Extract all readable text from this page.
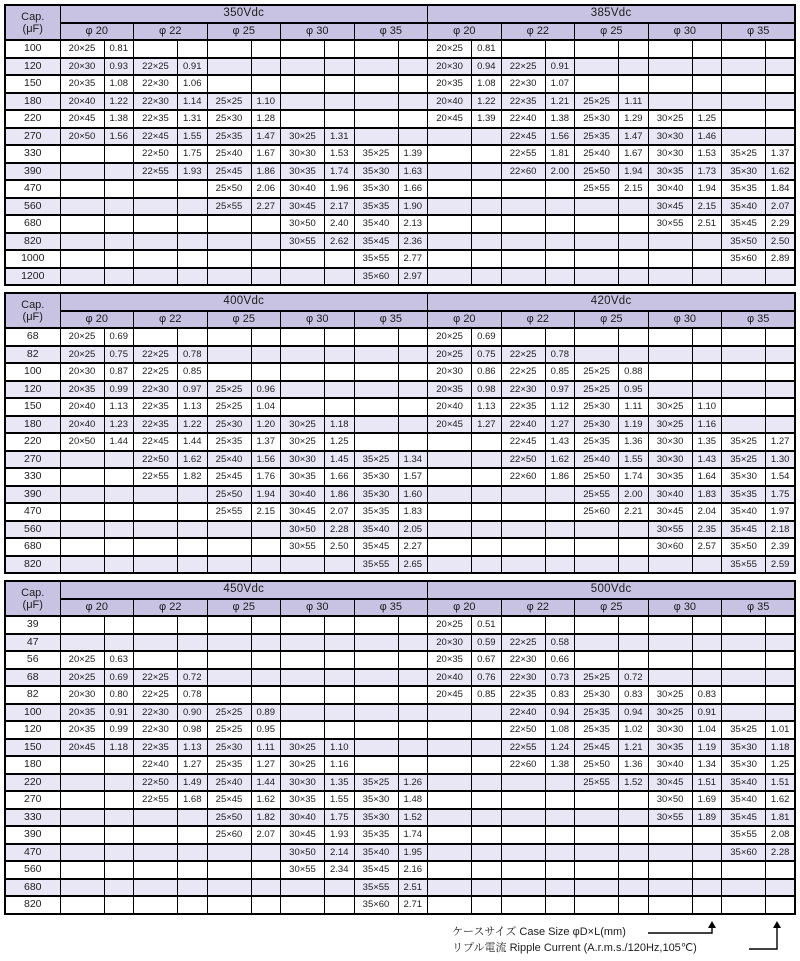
Cap.
(μF)	350Vdc										385Vdc									
	φ 20		φ 22		φ 25		φ 30		φ 35		φ 20		φ 22		φ 25		φ 30		φ 35	
100	20×25	0.81									20×25	0.81								
120	20×30	0.93	22×25	0.91							20×30	0.94	22×25	0.91						
150	20×35	1.08	22×30	1.06							20×35	1.08	22×30	1.07						
180	20×40	1.22	22×30	1.14	25×25	1.10					20×40	1.22	22×35	1.21	25×25	1.11				
220	20×45	1.38	22×35	1.31	25×30	1.28					20×45	1.39	22×40	1.38	25×30	1.29	30×25	1.25		
270	20×50	1.56	22×45	1.55	25×35	1.47	30×25	1.31					22×45	1.56	25×35	1.47	30×30	1.46		
330			22×50	1.75	25×40	1.67	30×30	1.53	35×25	1.39			22×55	1.81	25×40	1.67	30×30	1.53	35×25	1.37
390			22×55	1.93	25×45	1.86	30×35	1.74	35×30	1.63			22×60	2.00	25×50	1.94	30×35	1.73	35×30	1.62
470					25×50	2.06	30×40	1.96	35×30	1.66					25×55	2.15	30×40	1.94	35×35	1.84
560					25×55	2.27	30×45	2.17	35×35	1.90							30×45	2.15	35×40	2.07
680							30×50	2.40	35×40	2.13							30×55	2.51	35×45	2.29
820							30×55	2.62	35×45	2.36									35×50	2.50
1000									35×55	2.77									35×60	2.89
1200									35×60	2.97										
Cap.
(μF)	400Vdc										420Vdc									
	φ 20		φ 22		φ 25		φ 30		φ 35		φ 20		φ 22		φ 25		φ 30		φ 35	
68	20×25	0.69									20×25	0.69								
82	20×25	0.75	22×25	0.78							20×25	0.75	22×25	0.78						
100	20×30	0.87	22×25	0.85							20×30	0.86	22×25	0.85	25×25	0.88				
120	20×35	0.99	22×30	0.97	25×25	0.96					20×35	0.98	22×30	0.97	25×25	0.95				
150	20×40	1.13	22×35	1.13	25×25	1.04					20×40	1.13	22×35	1.12	25×30	1.11	30×25	1.10		
180	20×40	1.23	22×35	1.22	25×30	1.20	30×25	1.18			20×45	1.27	22×40	1.27	25×30	1.19	30×25	1.16		
220	20×50	1.44	22×45	1.44	25×35	1.37	30×25	1.25					22×45	1.43	25×35	1.36	30×30	1.35	35×25	1.27
270			22×50	1.62	25×40	1.56	30×30	1.45	35×25	1.34			22×50	1.62	25×40	1.55	30×30	1.43	35×25	1.30
330			22×55	1.82	25×45	1.76	30×35	1.66	35×30	1.57			22×60	1.86	25×50	1.74	30×35	1.64	35×30	1.54
390					25×50	1.94	30×40	1.86	35×30	1.60					25×55	2.00	30×40	1.83	35×35	1.75
470					25×55	2.15	30×45	2.07	35×35	1.83					25×60	2.21	30×45	2.04	35×40	1.97
560							30×50	2.28	35×40	2.05							30×55	2.35	35×45	2.18
680							30×55	2.50	35×45	2.27							30×60	2.57	35×50	2.39
820									35×55	2.65									35×55	2.59
Cap.
(μF)	450Vdc										500Vdc									
	φ 20		φ 22		φ 25		φ 30		φ 35		φ 20		φ 22		φ 25		φ 30		φ 35	
39											20×25	0.51								
47											20×30	0.59	22×25	0.58						
56	20×25	0.63									20×35	0.67	22×30	0.66						
68	20×25	0.69	22×25	0.72							20×40	0.76	22×30	0.73	25×25	0.72				
82	20×30	0.80	22×25	0.78							20×45	0.85	22×35	0.83	25×30	0.83	30×25	0.83		
100	20×35	0.91	22×30	0.90	25×25	0.89							22×40	0.94	25×35	0.94	30×25	0.91		
120	20×35	0.99	22×30	0.98	25×25	0.95							22×50	1.08	25×35	1.02	30×30	1.04	35×25	1.01
150	20×45	1.18	22×35	1.13	25×30	1.11	30×25	1.10					22×55	1.24	25×45	1.21	30×35	1.19	35×30	1.18
180			22×40	1.27	25×35	1.27	30×25	1.16					22×60	1.38	25×50	1.36	30×40	1.34	35×30	1.25
220			22×50	1.49	25×40	1.44	30×30	1.35	35×25	1.26					25×55	1.52	30×45	1.51	35×40	1.51
270			22×55	1.68	25×45	1.62	30×35	1.55	35×30	1.48							30×50	1.69	35×40	1.62
330					25×50	1.82	30×40	1.75	35×30	1.52							30×55	1.89	35×45	1.81
390					25×60	2.07	30×45	1.93	35×35	1.74									35×55	2.08
470							30×50	2.14	35×40	1.95									35×60	2.28
560							30×55	2.34	35×45	2.16										
680									35×55	2.51										
820									35×60	2.71										
ケースサイズ Case Size φD×L(mm)
リプル電流 Ripple Current (A.r.m.s./120Hz,105℃)
